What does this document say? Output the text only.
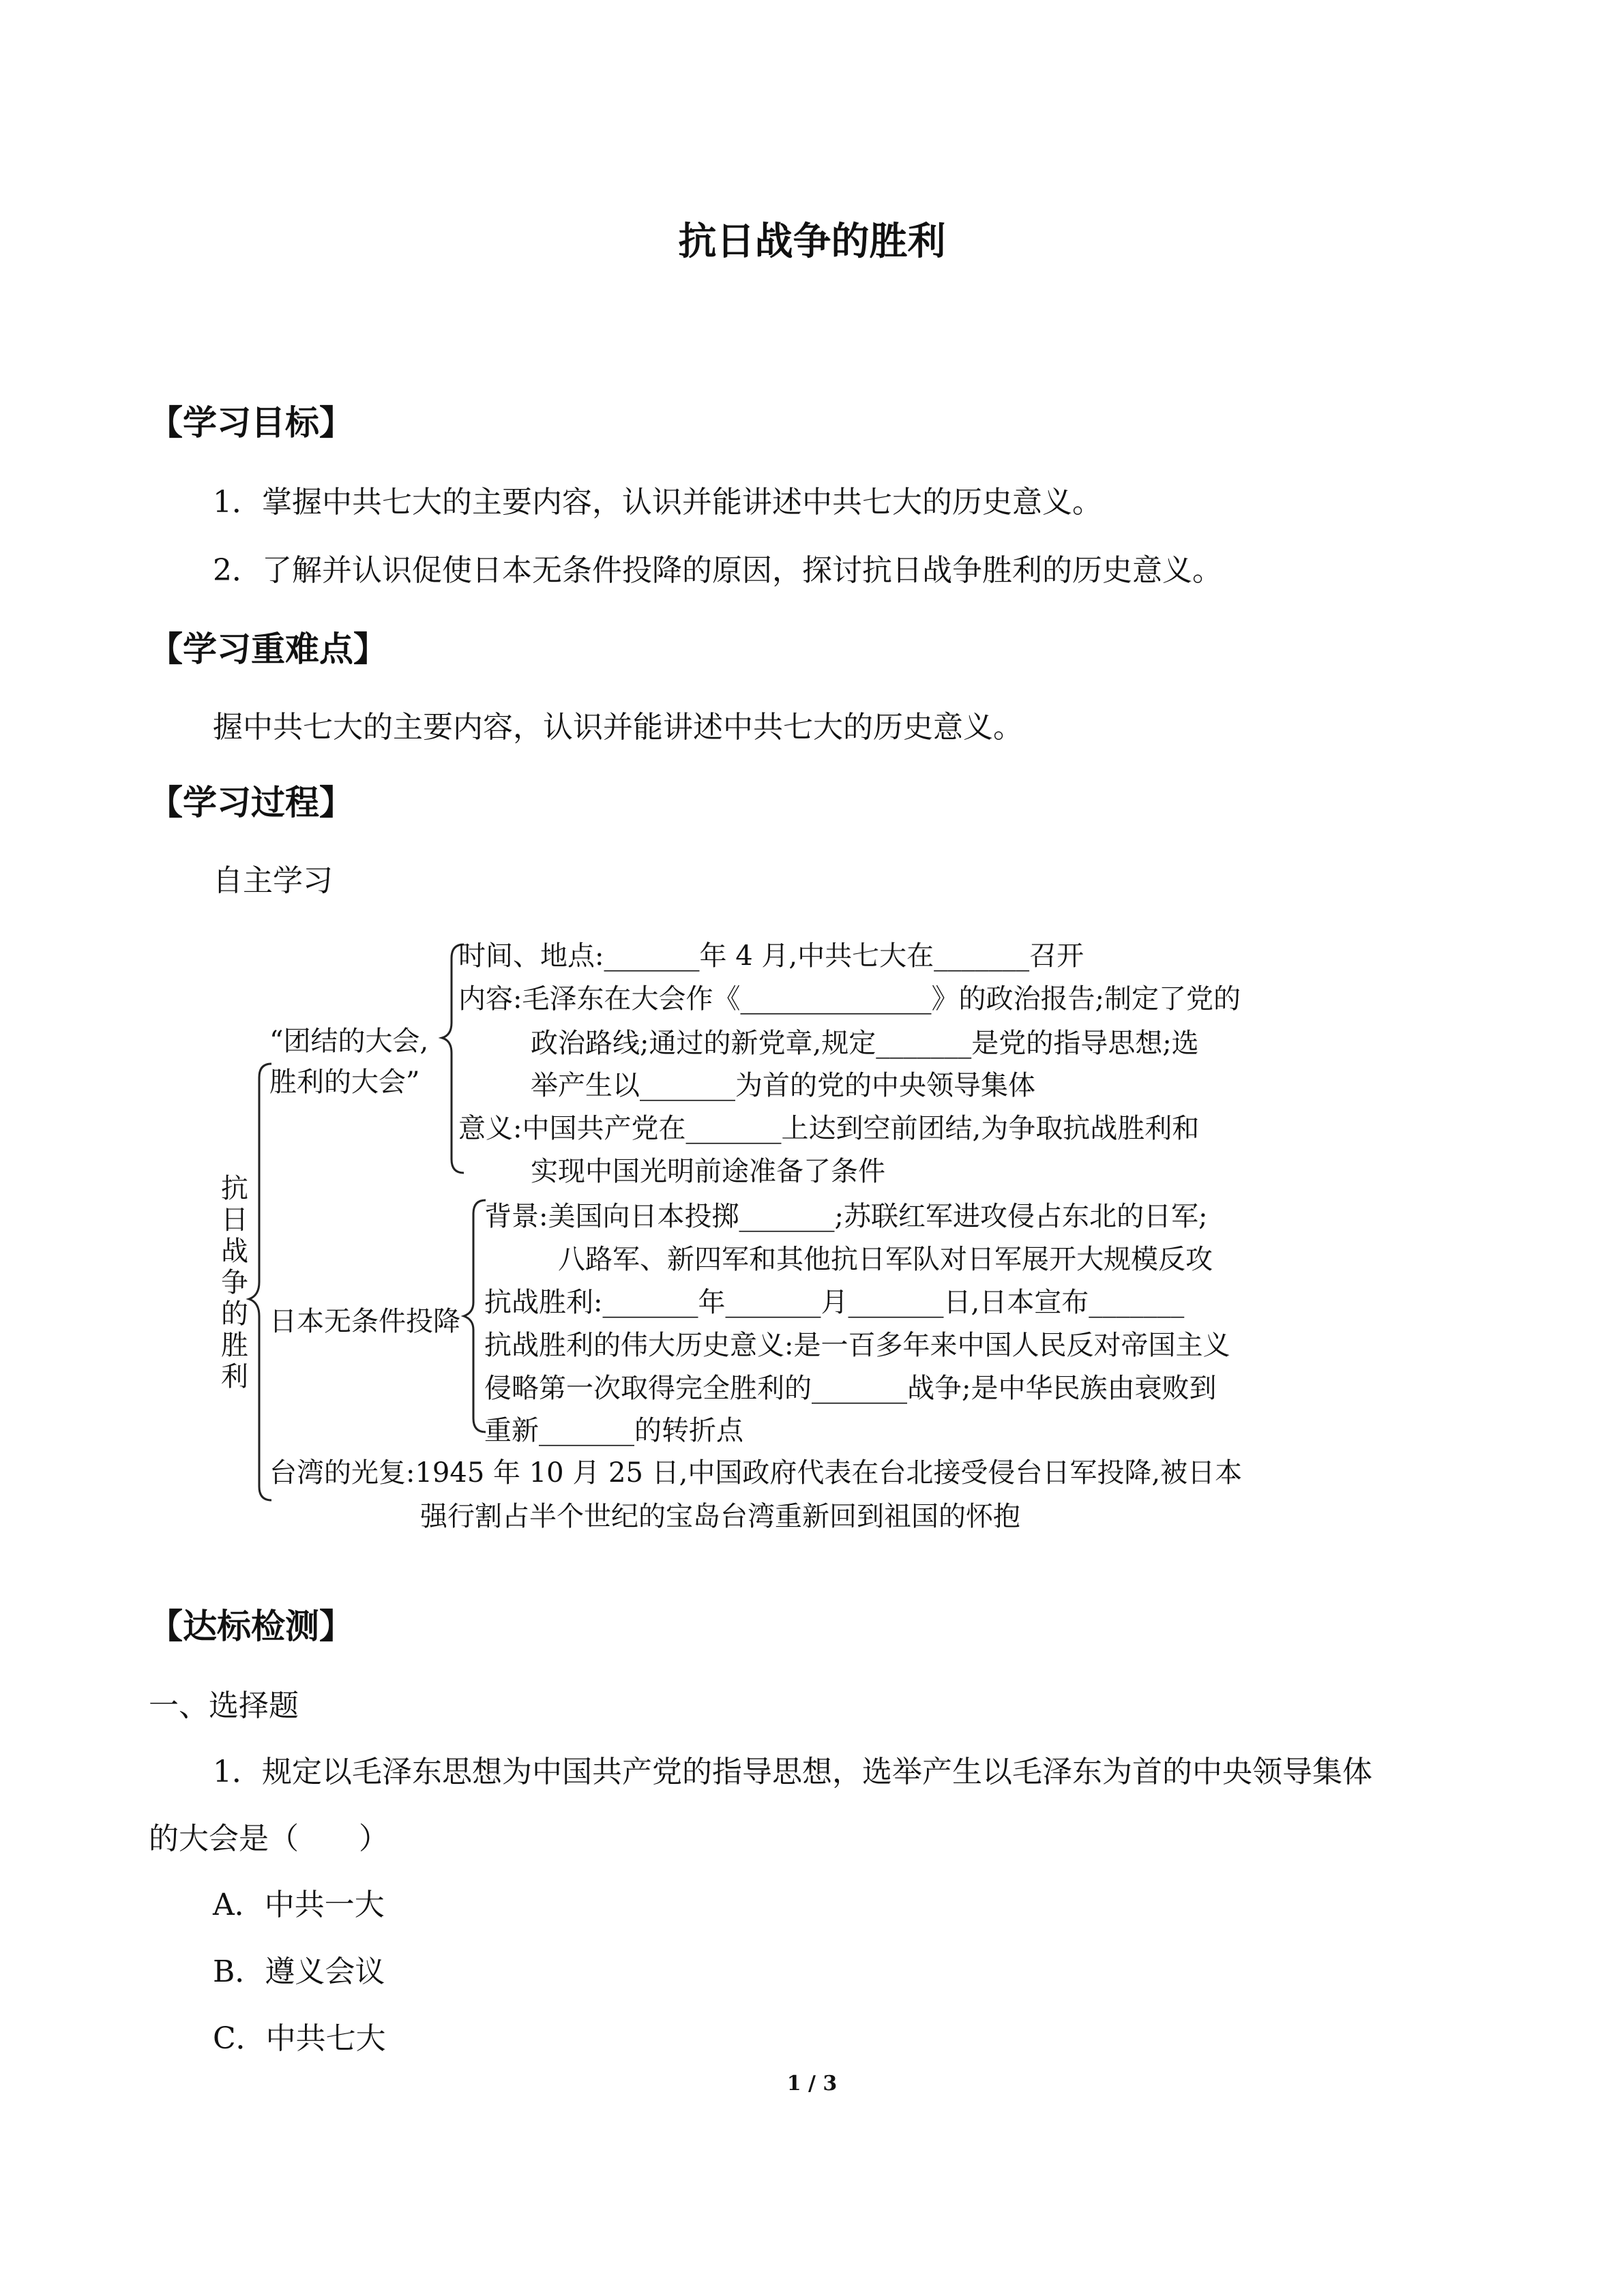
抗日战争的胜利
【学习目标】
1．掌握中共七大的主要内容，认识并能讲述中共七大的历史意义。
2．了解并认识促使日本无条件投降的原因，探讨抗日战争胜利的历史意义。
【学习重难点】
握中共七大的主要内容，认识并能讲述中共七大的历史意义。
【学习过程】
自主学习
抗日战争的胜利
“团结的大会,
胜利的大会”
时间、地点:_______年 4 月,中共七大在_______召开
内容:毛泽东在大会作《______________》的政治报告;制定了党的
政治路线;通过的新党章,规定_______是党的指导思想;选
举产生以_______为首的党的中央领导集体
意义:中国共产党在_______上达到空前团结,为争取抗战胜利和
实现中国光明前途准备了条件
日本无条件投降
背景:美国向日本投掷_______;苏联红军进攻侵占东北的日军;
八路军、新四军和其他抗日军队对日军展开大规模反攻
抗战胜利:_______年_______月_______日,日本宣布_______
抗战胜利的伟大历史意义:是一百多年来中国人民反对帝国主义
侵略第一次取得完全胜利的_______战争;是中华民族由衰败到
重新_______的转折点
台湾的光复:1945 年 10 月 25 日,中国政府代表在台北接受侵台日军投降,被日本
强行割占半个世纪的宝岛台湾重新回到祖国的怀抱
【达标检测】
一、选择题
1．规定以毛泽东思想为中国共产党的指导思想，选举产生以毛泽东为首的中央领导集体
的大会是（　　）
A．中共一大
B．遵义会议
C．中共七大
1 / 3
